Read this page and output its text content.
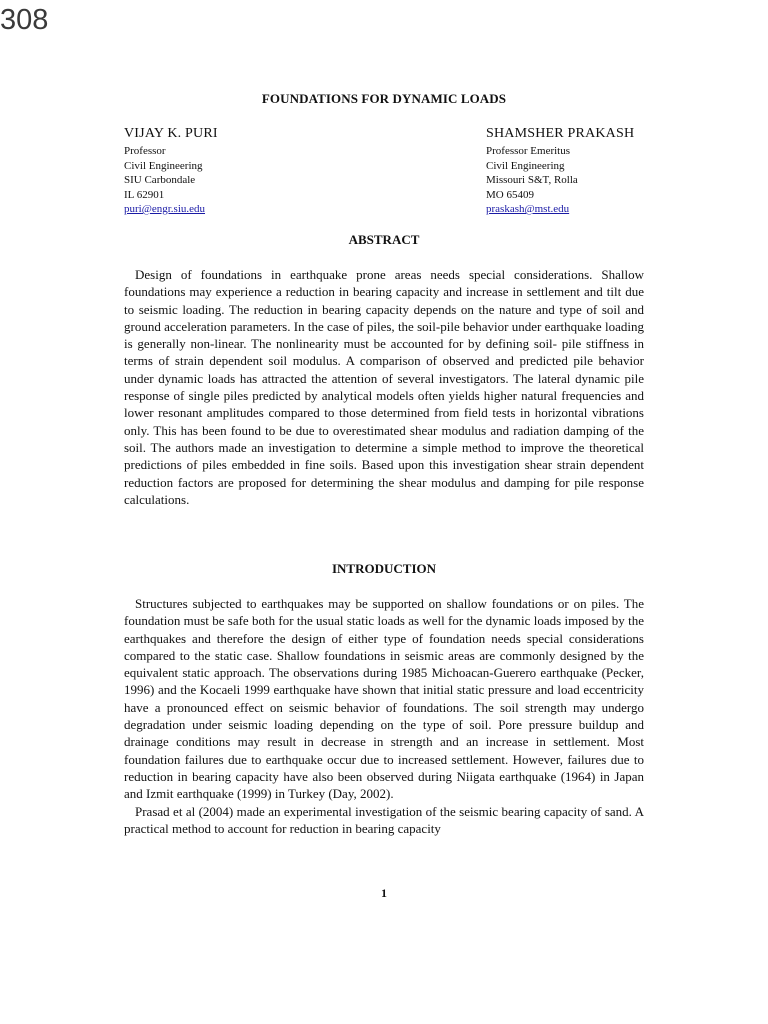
308
FOUNDATIONS FOR DYNAMIC LOADS
VIJAY K. PURI
Professor
Civil Engineering
SIU Carbondale
IL 62901
puri@engr.siu.edu
SHAMSHER PRAKASH
Professor Emeritus
Civil Engineering
Missouri S&T, Rolla
MO 65409
praskash@mst.edu
ABSTRACT

Design of foundations in earthquake prone areas needs special considerations. Shallow foundations may experience a reduction in bearing capacity and increase in settlement and tilt due to seismic loading. The reduction in bearing capacity depends on the nature and type of soil and ground acceleration parameters. In the case of piles, the soil-pile behavior under earthquake loading is generally non-linear. The nonlinearity must be accounted for by defining soil- pile stiffness in terms of strain dependent soil modulus. A comparison of observed and predicted pile behavior under dynamic loads has attracted the attention of several investigators. The lateral dynamic pile response of single piles predicted by analytical models often yields higher natural frequencies and lower resonant amplitudes compared to those determined from field tests in horizontal vibrations only. This has been found to be due to overestimated shear modulus and radiation damping of the soil. The authors made an investigation to determine a simple method to improve the theoretical predictions of piles embedded in fine soils. Based upon this investigation shear strain dependent reduction factors are proposed for determining the shear modulus and damping for pile response calculations.

INTRODUCTION

Structures subjected to earthquakes may be supported on shallow foundations or on piles. The foundation must be safe both for the usual static loads as well for the dynamic loads imposed by the earthquakes and therefore the design of either type of foundation needs special considerations compared to the static case. Shallow foundations in seismic areas are commonly designed by the equivalent static approach. The observations during 1985 Michoacan-Guerero earthquake (Pecker, 1996) and the Kocaeli 1999 earthquake have shown that initial static pressure and load eccentricity have a pronounced effect on seismic behavior of foundations. The soil strength may undergo degradation under seismic loading depending on the type of soil. Pore pressure buildup and drainage conditions may result in decrease in strength and an increase in settlement. Most foundation failures due to earthquake occur due to increased settlement. However, failures due to reduction in bearing capacity have also been observed during Niigata earthquake (1964) in Japan and Izmit earthquake (1999) in Turkey (Day, 2002).

Prasad et al (2004) made an experimental investigation of the seismic bearing capacity of sand. A practical method to account for reduction in bearing capacity

1
